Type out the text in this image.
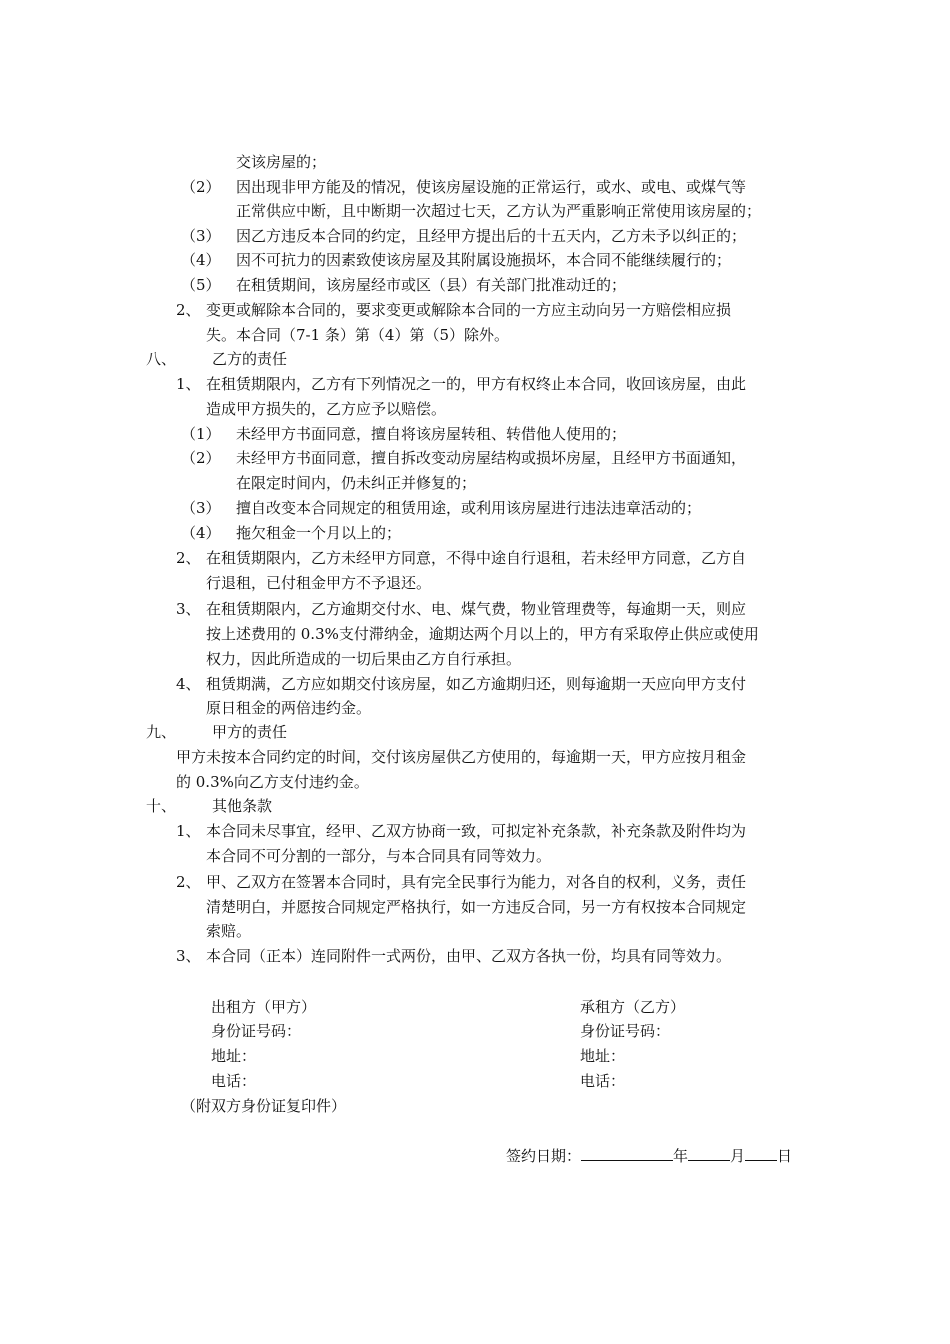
交该房屋的；
（2） 因出现非甲方能及的情况，使该房屋设施的正常运行，或水、或电、或煤气等
正常供应中断，且中断期一次超过七天，乙方认为严重影响正常使用该房屋的；
（3） 因乙方违反本合同的约定，且经甲方提出后的十五天内，乙方未予以纠正的；
（4） 因不可抗力的因素致使该房屋及其附属设施损坏，本合同不能继续履行的；
（5） 在租赁期间，该房屋经市或区（县）有关部门批准动迁的；
2、 变更或解除本合同的，要求变更或解除本合同的一方应主动向另一方赔偿相应损
失。本合同（7-1 条）第（4）第（5）除外。
八、 乙方的责任
1、 在租赁期限内，乙方有下列情况之一的，甲方有权终止本合同，收回该房屋，由此
造成甲方损失的，乙方应予以赔偿。
（1） 未经甲方书面同意，擅自将该房屋转租、转借他人使用的；
（2） 未经甲方书面同意，擅自拆改变动房屋结构或损坏房屋，且经甲方书面通知，
在限定时间内，仍未纠正并修复的；
（3） 擅自改变本合同规定的租赁用途，或利用该房屋进行违法违章活动的；
（4） 拖欠租金一个月以上的；
2、 在租赁期限内，乙方未经甲方同意，不得中途自行退租，若未经甲方同意，乙方自
行退租，已付租金甲方不予退还。
3、 在租赁期限内，乙方逾期交付水、电、煤气费，物业管理费等，每逾期一天，则应
按上述费用的 0.3%支付滞纳金，逾期达两个月以上的，甲方有采取停止供应或使用
权力，因此所造成的一切后果由乙方自行承担。
4、 租赁期满，乙方应如期交付该房屋，如乙方逾期归还，则每逾期一天应向甲方支付
原日租金的两倍违约金。
九、 甲方的责任
甲方未按本合同约定的时间，交付该房屋供乙方使用的，每逾期一天，甲方应按月租金
的 0.3%向乙方支付违约金。
十、 其他条款
1、 本合同未尽事宜，经甲、乙双方协商一致，可拟定补充条款，补充条款及附件均为
本合同不可分割的一部分，与本合同具有同等效力。
2、 甲、乙双方在签署本合同时，具有完全民事行为能力，对各自的权利，义务，责任
清楚明白，并愿按合同规定严格执行，如一方违反合同，另一方有权按本合同规定
索赔。
3、 本合同（正本）连同附件一式两份，由甲、乙双方各执一份，均具有同等效力。
出租方（甲方）	承租方（乙方）
身份证号码：	身份证号码：
地址：	地址：
电话：	电话：
（附双方身份证复印件）
签约日期：	年	月 日
